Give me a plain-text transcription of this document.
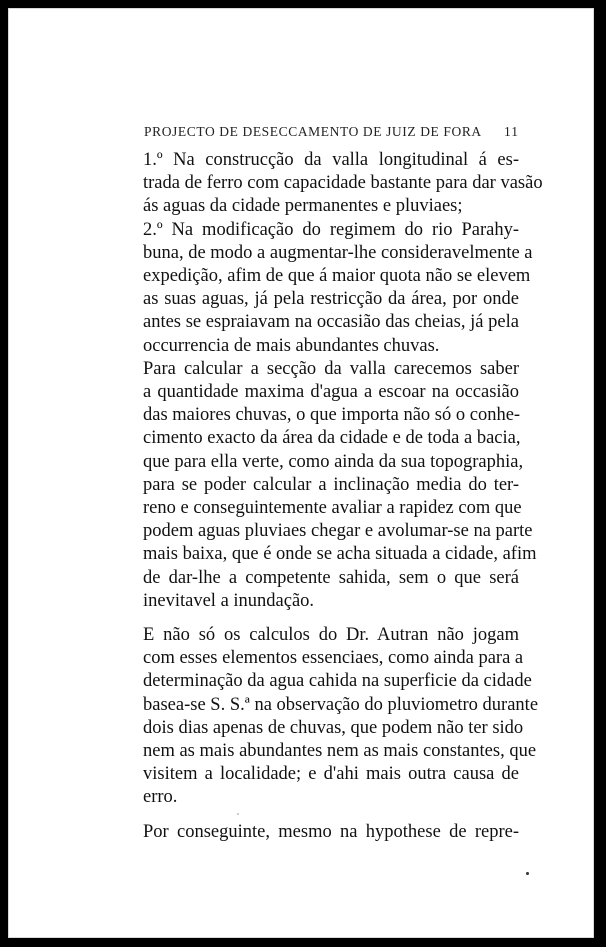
PROJECTO DE DESECCAMENTO DE JUIZ DE FORA 11

1.º Na construcção da valla longitudinal á es-
trada de ferro com capacidade bastante para dar vasão
ás aguas da cidade permanentes e pluviaes;

2.º Na modificação do regimem do rio Parahy-
buna, de modo a augmentar-lhe consideravelmente a
expedição, afim de que á maior quota não se elevem
as suas aguas, já pela restricção da área, por onde
antes se espraiavam na occasião das cheias, já pela
occurrencia de mais abundantes chuvas.

Para calcular a secção da valla carecemos saber
a quantidade maxima d'agua a escoar na occasião
das maiores chuvas, o que importa não só o conhe-
cimento exacto da área da cidade e de toda a bacia,
que para ella verte, como ainda da sua topographia,
para se poder calcular a inclinação media do ter-
reno e conseguintemente avaliar a rapidez com que
podem aguas pluviaes chegar e avolumar-se na parte
mais baixa, que é onde se acha situada a cidade, afim
de dar-lhe a competente sahida, sem o que será
inevitavel a inundação.

E não só os calculos do Dr. Autran não jogam
com esses elementos essenciaes, como ainda para a
determinação da agua cahida na superficie da cidade
basea-se S. S.ª na observação do pluviometro durante
dois dias apenas de chuvas, que podem não ter sido
nem as mais abundantes nem as mais constantes, que
visitem a localidade; e d'ahi mais outra causa de
erro.

Por conseguinte, mesmo na hypothese de repre-
